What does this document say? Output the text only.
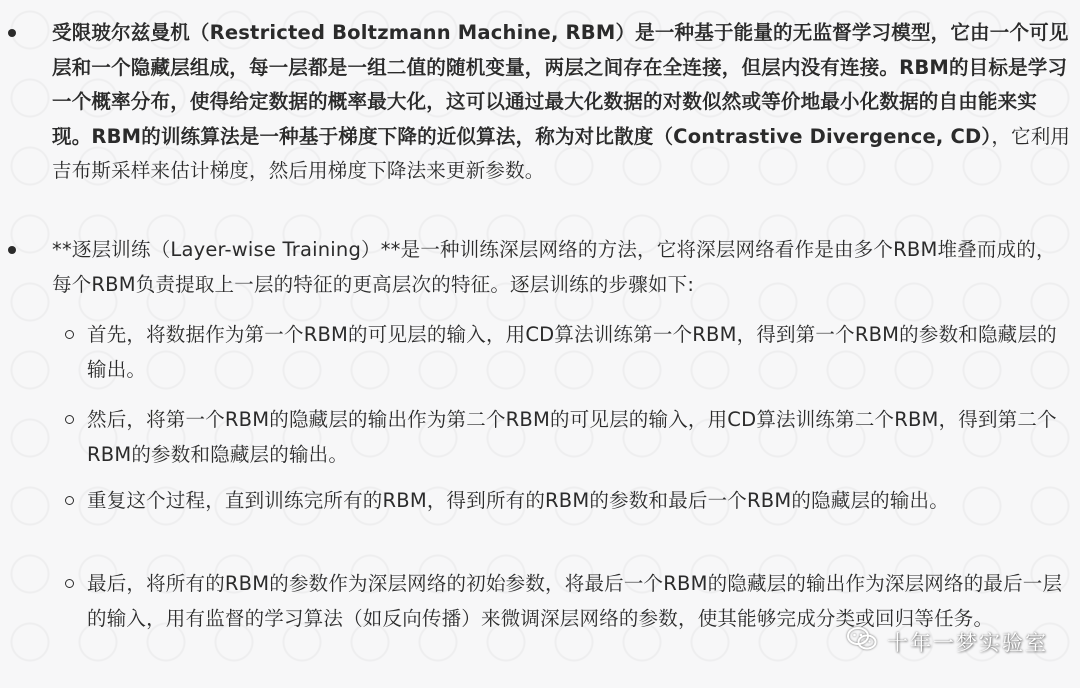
受限玻尔兹曼机（Restricted Boltzmann Machine, RBM）是一种基于能量的无监督学习模型，它由一个可见层和一个隐藏层组成，每一层都是一组二值的随机变量，两层之间存在全连接，但层内没有连接。RBM的目标是学习一个概率分布，使得给定数据的概率最大化，这可以通过最大化数据的对数似然或等价地最小化数据的自由能来实现。RBM的训练算法是一种基于梯度下降的近似算法，称为对比散度（Contrastive Divergence, CD），它利用吉布斯采样来估计梯度，然后用梯度下降法来更新参数。
**逐层训练（Layer-wise Training）**是一种训练深层网络的方法，它将深层网络看作是由多个RBM堆叠而成的，每个RBM负责提取上一层的特征的更高层次的特征。逐层训练的步骤如下:
首先，将数据作为第一个RBM的可见层的输入，用CD算法训练第一个RBM，得到第一个RBM的参数和隐藏层的输出。
然后，将第一个RBM的隐藏层的输出作为第二个RBM的可见层的输入，用CD算法训练第二个RBM，得到第二个RBM的参数和隐藏层的输出。
重复这个过程，直到训练完所有的RBM，得到所有的RBM的参数和最后一个RBM的隐藏层的输出。
最后，将所有的RBM的参数作为深层网络的初始参数，将最后一个RBM的隐藏层的输出作为深层网络的最后一层的输入，用有监督的学习算法（如反向传播）来微调深层网络的参数，使其能够完成分类或回归等任务。
十年一梦实验室
